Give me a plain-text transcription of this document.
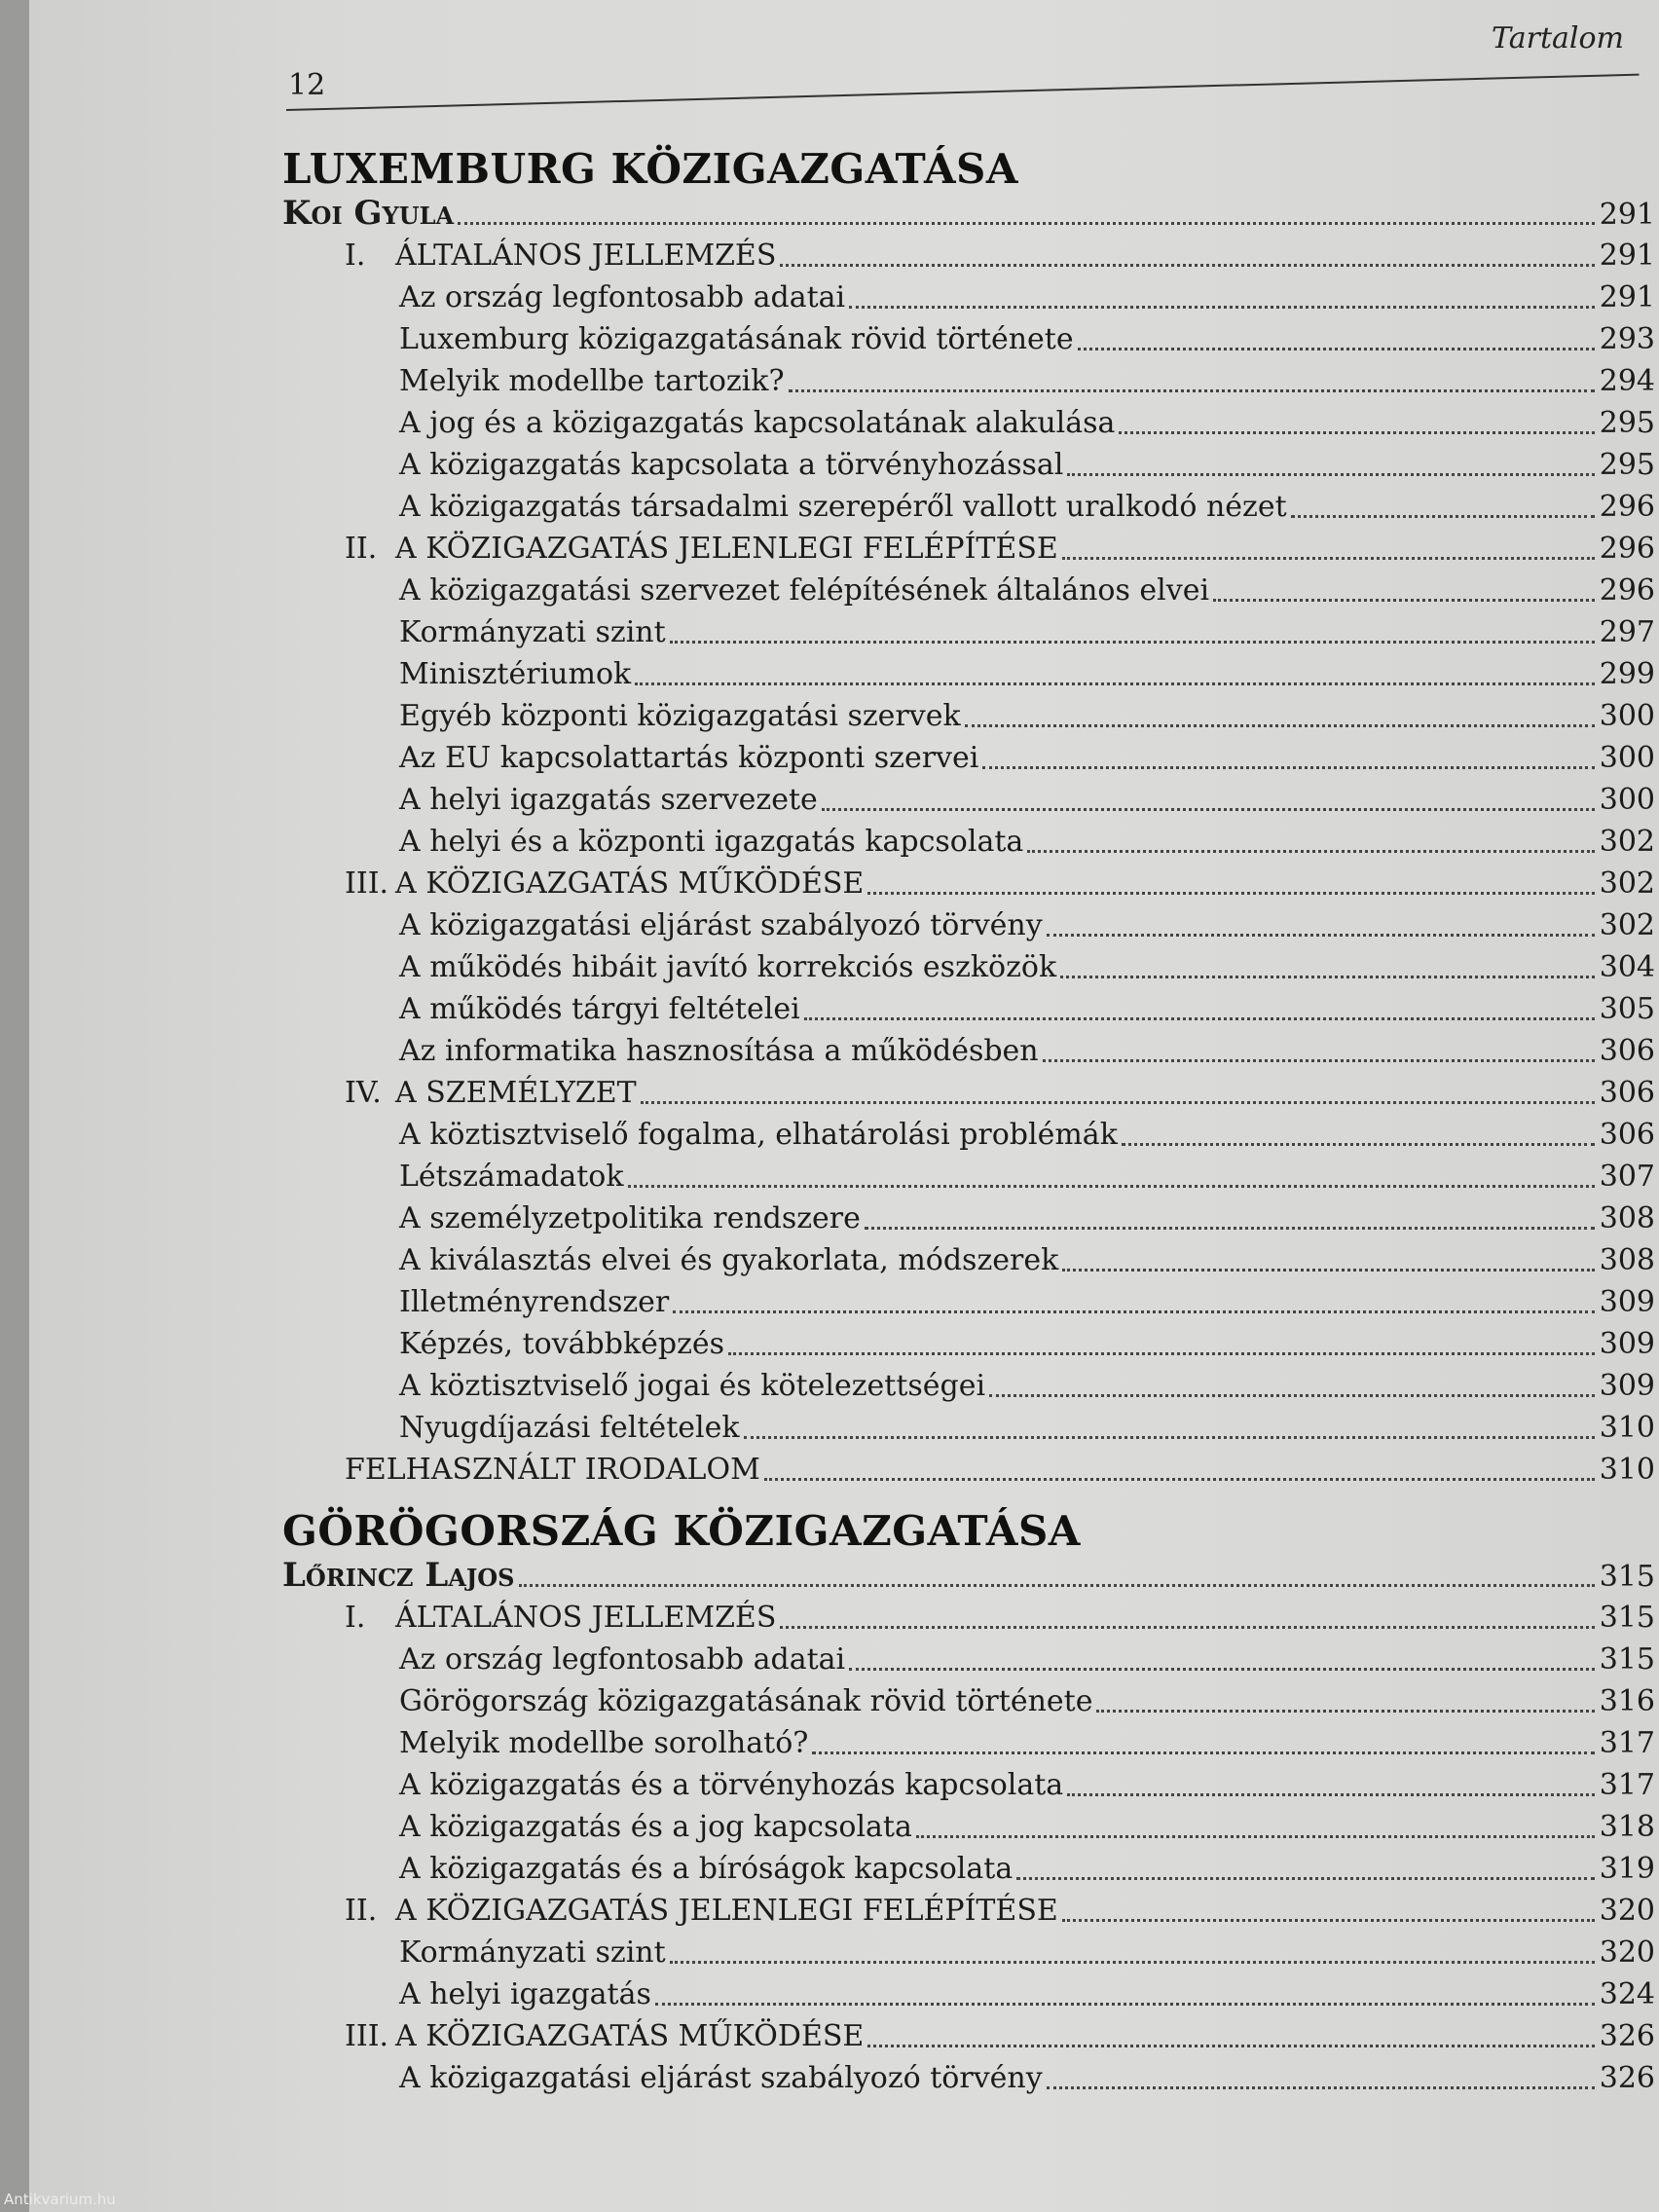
Tartalom
12
LUXEMBURG KÖZIGAZGATÁSA
Koi Gyula	291
I.	ÁLTALÁNOS JELLEMZÉS	291
Az ország legfontosabb adatai	291
Luxemburg közigazgatásának rövid története	293
Melyik modellbe tartozik?	294
A jog és a közigazgatás kapcsolatának alakulása	295
A közigazgatás kapcsolata a törvényhozással	295
A közigazgatás társadalmi szerepéről vallott uralkodó nézet	296
II. A KÖZIGAZGATÁS JELENLEGI FELÉPÍTÉSE	296
A közigazgatási szervezet felépítésének általános elvei	296
Kormányzati szint	297
Minisztériumok	299
Egyéb központi közigazgatási szervek	300
Az EU kapcsolattartás központi szervei	300
A helyi igazgatás szervezete	300
A helyi és a központi igazgatás kapcsolata	302
III. A KÖZIGAZGATÁS MŰKÖDÉSE	302
A közigazgatási eljárást szabályozó törvény	302
A működés hibáit javító korrekciós eszközök	304
A működés tárgyi feltételei	305
Az informatika hasznosítása a működésben	306
IV. A SZEMÉLYZET	306
A köztisztviselő fogalma, elhatárolási problémák	306
Létszámadatok	307
A személyzetpolitika rendszere	308
A kiválasztás elvei és gyakorlata, módszerek	308
Illetményrendszer	309
Képzés, továbbképzés	309
A köztisztviselő jogai és kötelezettségei	309
Nyugdíjazási feltételek	310
FELHASZNÁLT IRODALOM	310
GÖRÖGORSZÁG KÖZIGAZGATÁSA
Lőrincz Lajos	315
I.	ÁLTALÁNOS JELLEMZÉS	315
Az ország legfontosabb adatai	315
Görögország közigazgatásának rövid története	316
Melyik modellbe sorolható?	317
A közigazgatás és a törvényhozás kapcsolata	317
A közigazgatás és a jog kapcsolata	318
A közigazgatás és a bíróságok kapcsolata	319
II. A KÖZIGAZGATÁS JELENLEGI FELÉPÍTÉSE	320
Kormányzati szint	320
A helyi igazgatás	324
III. A KÖZIGAZGATÁS MŰKÖDÉSE	326
A közigazgatási eljárást szabályozó törvény	326
Antikvarium.hu
